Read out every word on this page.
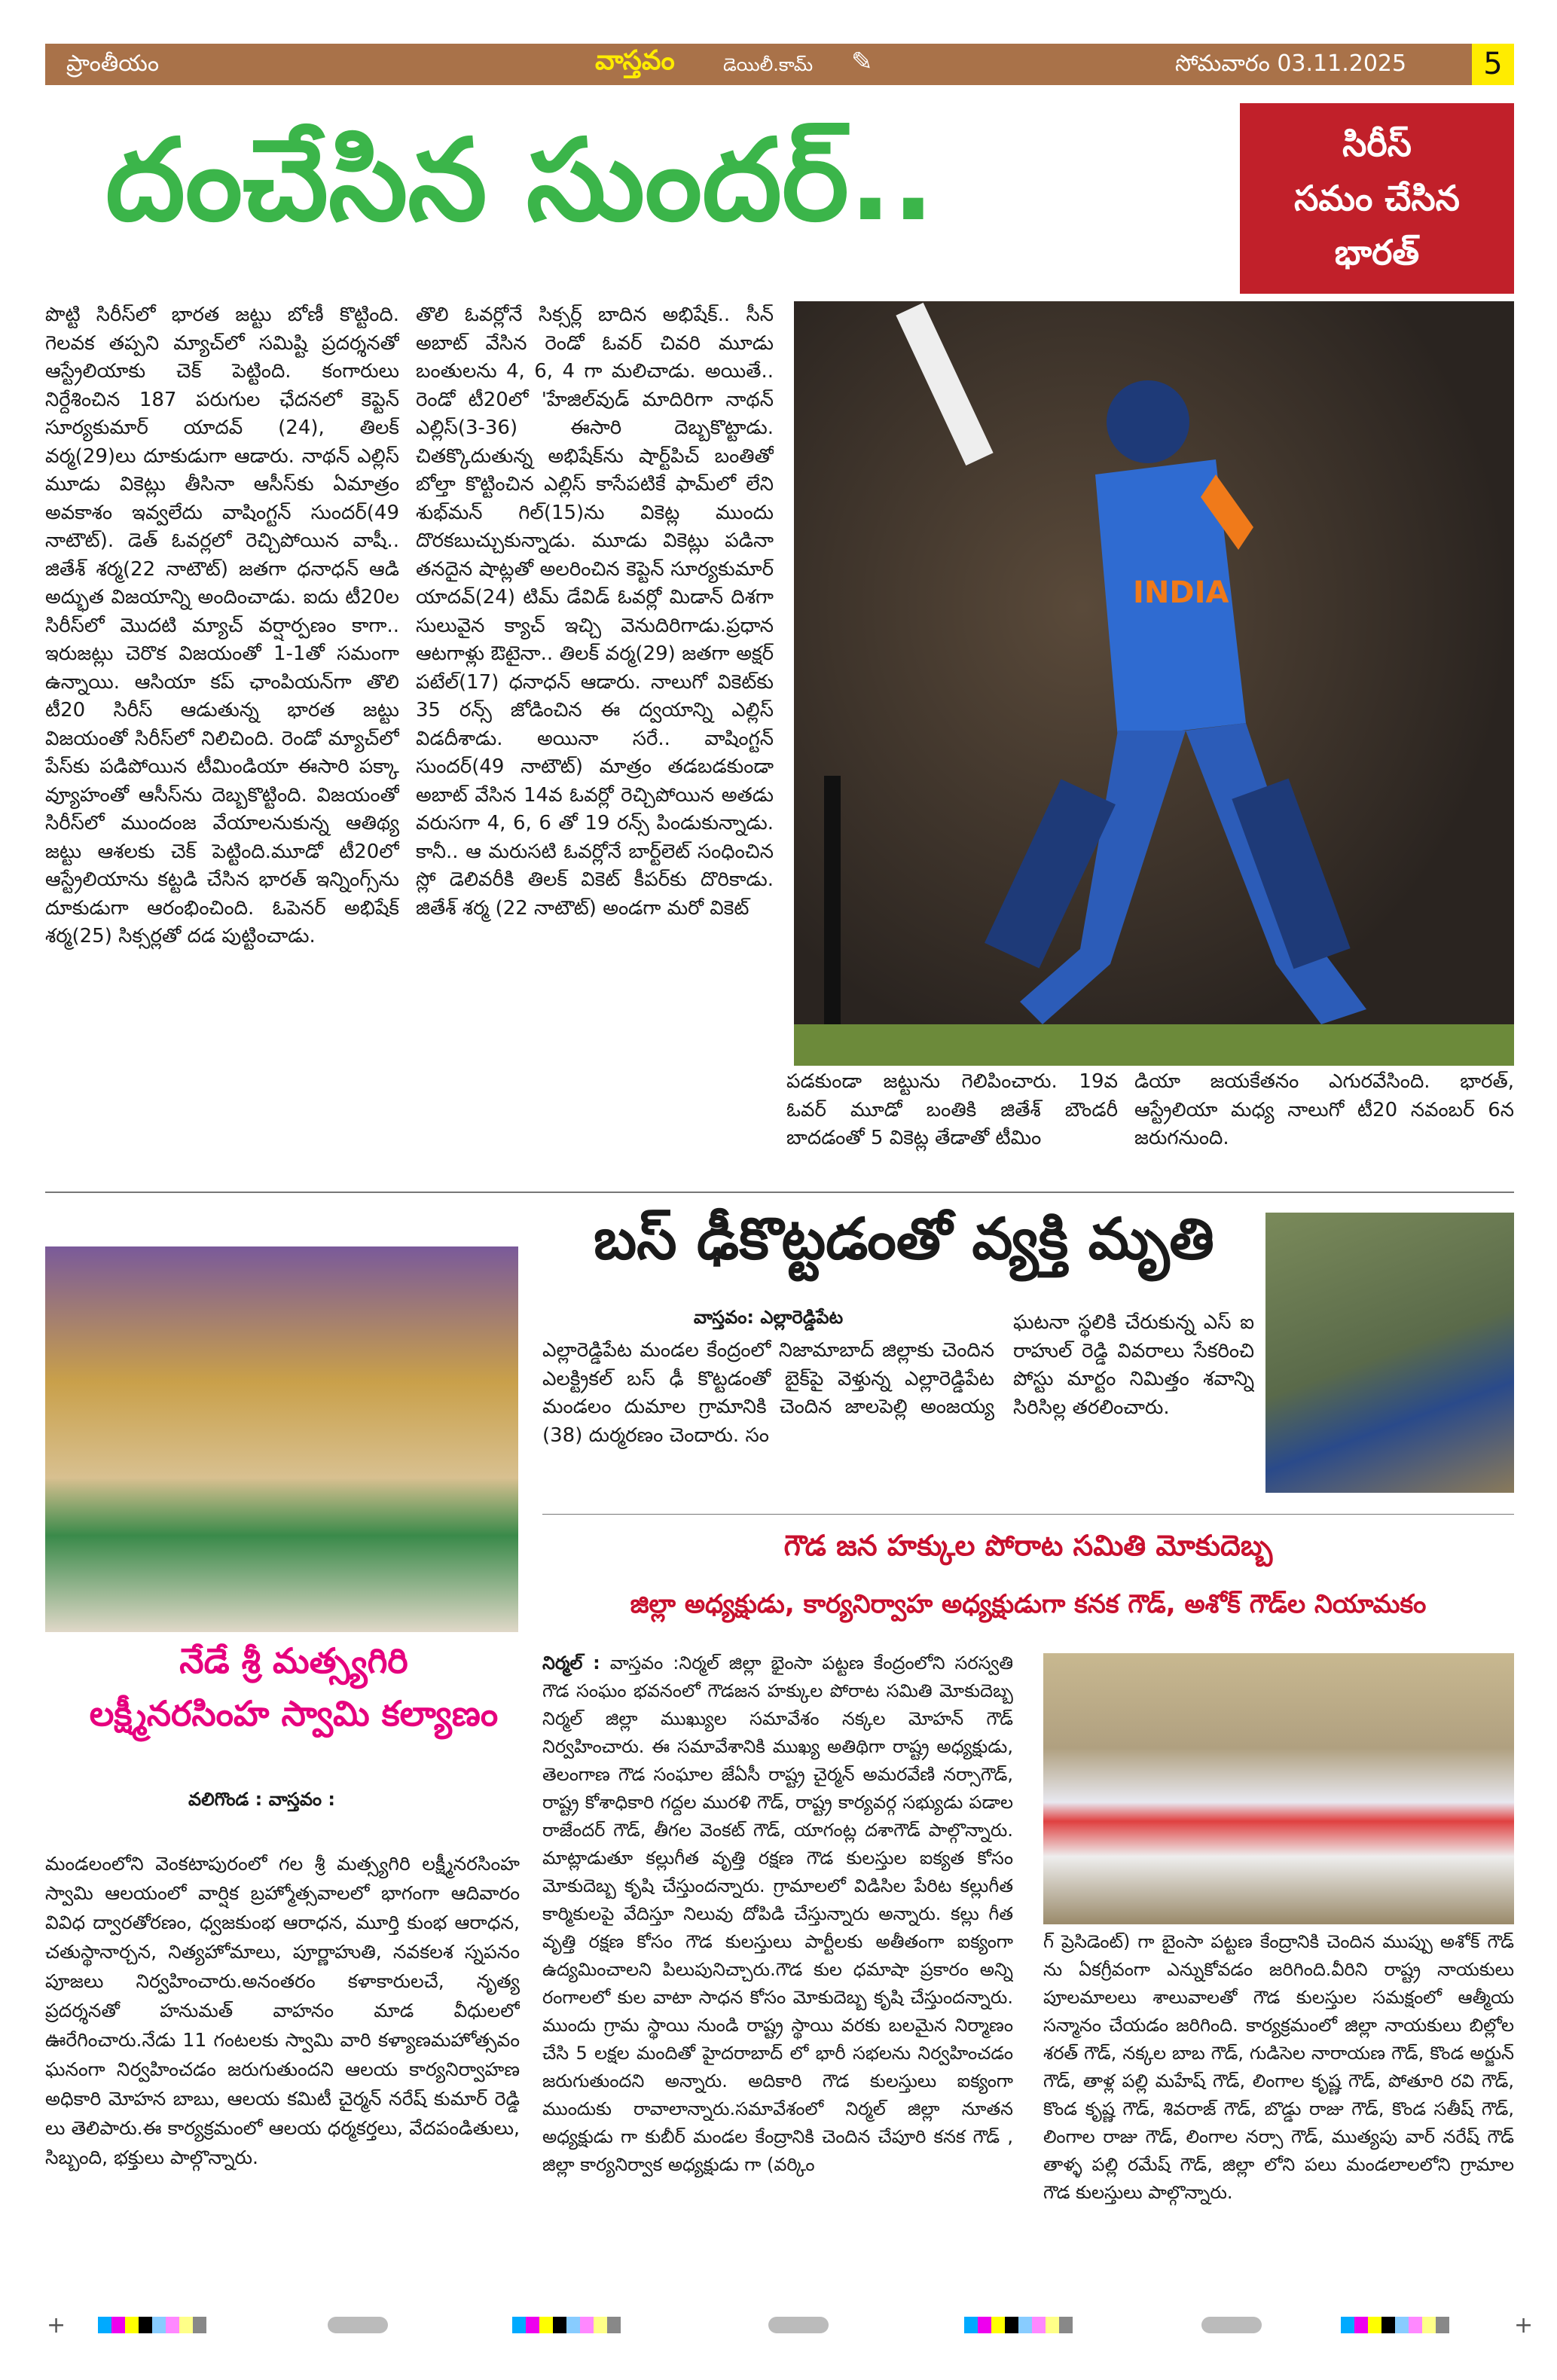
ప్రాంతీయం	వాస్తవం	డెయిలీ.కామ్ ✎	సోమవారం 03.11.2025	5
దంచేసిన సుందర్..	సిరీస్
సమం చేసిన
భారత్
పొట్టి సిరీస్‌లో భారత జట్టు బోణీ కొట్టింది. గెలవక తప్పని మ్యాచ్‌లో సమిష్టి ప్రదర్శనతో ఆస్ట్రేలియాకు చెక్ పెట్టింది. కంగారులు నిర్దేశించిన 187 పరుగుల ఛేదనలో కెప్టెన్ సూర్యకుమార్ యాదవ్ (24), తిలక్ వర్మ(29)లు దూకుడుగా ఆడారు. నాథన్ ఎల్లిస్ మూడు వికెట్లు తీసినా ఆసీస్‌కు ఏమాత్రం అవకాశం ఇవ్వలేదు వాషింగ్టన్ సుందర్(49 నాటౌట్). డెత్ ఓవర్లలో రెచ్చిపోయిన వాషీ.. జితేశ్ శర్మ(22 నాటౌట్) జతగా ధనాధన్ ఆడి అద్భుత విజయాన్ని అందించాడు. ఐదు టీ20ల సిరీస్‌లో మొదటి మ్యాచ్ వర్షార్పణం కాగా.. ఇరుజట్లు చెరొక విజయంతో 1-1తో సమంగా ఉన్నాయి. ఆసియా కప్ ఛాంపియన్‌గా తొలి టీ20 సిరీస్ ఆడుతున్న భారత జట్టు విజయంతో సిరీస్‌లో నిలిచింది. రెండో మ్యాచ్‌లో పేస్‌కు పడిపోయిన టీమిండియా ఈసారి పక్కా వ్యూహంతో ఆసీస్‌ను దెబ్బకొట్టింది. విజయంతో సిరీస్‌లో ముందంజ వేయాలనుకున్న ఆతిథ్య జట్టు ఆశలకు చెక్ పెట్టింది.మూడో టీ20లో ఆస్ట్రేలియాను కట్టడి చేసిన భారత్ ఇన్నింగ్స్‌ను దూకుడుగా ఆరంభించింది. ఓపెనర్ అభిషేక్ శర్మ(25) సిక్సర్లతో దడ పుట్టించాడు.
తొలి ఓవర్లోనే సిక్సర్ల్ బాదిన అభిషేక్.. సీన్ అబాట్ వేసిన రెండో ఓవర్ చివరి మూడు బంతులను 4, 6, 4 గా మలిచాడు. అయితే.. రెండో టీ20లో 'హేజిల్‌వుడ్ మాదిరిగా నాథన్ ఎల్లిస్(3-36) ఈసారి దెబ్బకొట్టాడు. చితక్కొదుతున్న అభిషేక్‌ను షార్ట్‌పిచ్ బంతితో బోల్తా కొట్టించిన ఎల్లిస్ కాసేపటికే ఫామ్‌లో లేని శుభ్‌మన్ గిల్(15)ను వికెట్ల ముందు దొరకబుచ్చుకున్నాడు. మూడు వికెట్లు పడినా తనదైన షాట్లతో అలరించిన కెప్టెన్ సూర్యకుమార్ యాదవ్(24) టిమ్ డేవిడ్ ఓవర్లో మిడాన్ దిశగా సులువైన క్యాచ్ ఇచ్చి వెనుదిరిగాడు.ప్రధాన ఆటగాళ్లు ఔటైనా.. తిలక్ వర్మ(29) జతగా అక్షర్ పటేల్(17) ధనాధన్ ఆడారు. నాలుగో వికెట్‌కు 35 రన్స్ జోడించిన ఈ ద్వయాన్ని ఎల్లిస్ విడదీశాడు. అయినా సరే.. వాషింగ్టన్ సుందర్(49 నాటౌట్) మాత్రం తడబడకుండా అబాట్ వేసిన 14వ ఓవర్లో రెచ్చిపోయిన అతడు వరుసగా 4, 6, 6 తో 19 రన్స్ పిండుకున్నాడు. కానీ.. ఆ మరుసటి ఓవర్లోనే బార్ట్‌లెట్ సంధించిన స్లో డెలివరీకి తిలక్ వికెట్ కీపర్‌కు దొరికాడు. జితేశ్ శర్మ (22 నాటౌట్) అండగా మరో వికెట్
INDIA
పడకుండా జట్టును గెలిపించారు. 19వ ఓవర్ మూడో బంతికి జితేశ్ బౌండరీ బాదడంతో 5 వికెట్ల తేడాతో టీమిం
డియా జయకేతనం ఎగురవేసింది. భారత్, ఆస్ట్రేలియా మధ్య నాలుగో టీ20 నవంబర్ 6న జరుగనుంది.
నేడే శ్రీ మత్స్యగిరి
లక్ష్మీనరసింహ స్వామి కల్యాణం
వలిగొండ : వాస్తవం :
మండలంలోని వెంకటాపురంలో గల శ్రీ మత్స్యగిరి లక్ష్మీనరసింహ స్వామి ఆలయంలో వార్షిక బ్రహ్మోత్సవాలలో భాగంగా ఆదివారం వివిధ ద్వారతోరణం, ధ్వజకుంభ ఆరాధన, మూర్తి కుంభ ఆరాధన, చతుస్థానార్చన, నిత్యహోమాలు, పూర్ణాహుతి, నవకలశ స్నపనం పూజలు నిర్వహించారు.అనంతరం కళాకారులచే, నృత్య ప్రదర్శనతో హనుమత్ వాహనం మాడ వీధులలో ఊరేగించారు.నేడు 11 గంటలకు స్వామి వారి కళ్యాణమహోత్సవం ఘనంగా నిర్వహించడం జరుగుతుందని ఆలయ కార్యనిర్వాహణ అధికారి మోహన బాబు, ఆలయ కమిటీ చైర్మన్ నరేష్ కుమార్ రెడ్డి లు తెలిపారు.ఈ కార్యక్రమంలో ఆలయ ధర్మకర్తలు, వేదపండితులు, సిబ్బంది, భక్తులు పాల్గొన్నారు.
బస్ ఢీకొట్టడంతో వ్యక్తి మృతి
వాస్తవం: ఎల్లారెడ్డిపేట
ఎల్లారెడ్డిపేట మండల కేంద్రంలో నిజామాబాద్ జిల్లాకు చెందిన ఎలక్ట్రికల్ బస్ ఢీ కొట్టడంతో బైక్‌పై వెళ్తున్న ఎల్లారెడ్డిపేట మండలం దుమాల గ్రామానికి చెందిన జాలపెల్లి అంజయ్య (38) దుర్మరణం చెందారు. సం
ఘటనా స్థలికి చేరుకున్న ఎస్ ఐ రాహుల్ రెడ్డి వివరాలు సేకరించి పోస్టు మార్టం నిమిత్తం శవాన్ని సిరిసిల్ల తరలించారు.
గౌడ జన హక్కుల పోరాట సమితి మోకుదెబ్బ
జిల్లా అధ్యక్షుడు, కార్యనిర్వాహ అధ్యక్షుడుగా కనక గౌడ్, అశోక్ గౌడ్‌ల నియామకం
నిర్మల్ : వాస్తవం :నిర్మల్ జిల్లా భైంసా పట్టణ కేంద్రంలోని సరస్వతి గౌడ సంఘం భవనంలో గౌడజన హక్కుల పోరాట సమితి మోకుదెబ్బ నిర్మల్ జిల్లా ముఖ్యుల సమావేశం నక్కల మోహన్ గౌడ్ నిర్వహించారు. ఈ సమావేశానికి ముఖ్య అతిథిగా రాష్ట్ర అధ్యక్షుడు, తెలంగాణ గౌడ సంఘాల జేఏసీ రాష్ట్ర చైర్మన్ అమరవేణి నర్సాగౌడ్, రాష్ట్ర కోశాధికారి గద్దల మురళి గౌడ్, రాష్ట్ర కార్యవర్గ సభ్యుడు పడాల రాజేందర్ గౌడ్, తీగల వెంకట్ గౌడ్, యాగంట్ల దశాగౌడ్ పాల్గొన్నారు. మాట్లాడుతూ కల్లుగీత వృత్తి రక్షణ గౌడ కులస్తుల ఐక్యత కోసం మోకుదెబ్బ కృషి చేస్తుందన్నారు. గ్రామాలలో విడిసిల పేరిట కల్లుగీత కార్మికులపై వేదిస్తూ నిలువు దోపిడి చేస్తున్నారు అన్నారు. కల్లు గీత వృత్తి రక్షణ కోసం గౌడ కులస్తులు పార్టీలకు అతీతంగా ఐక్యంగా ఉద్యమించాలని పిలుపునిచ్చారు.గౌడ కుల ధమాషా ప్రకారం అన్ని రంగాలలో కుల వాటా సాధన కోసం మోకుదెబ్బ కృషి చేస్తుందన్నారు. ముందు గ్రామ స్థాయి నుండి రాష్ట్ర స్థాయి వరకు బలమైన నిర్మాణం చేసి 5 లక్షల మందితో హైదరాబాద్ లో భారీ సభలను నిర్వహించడం జరుగుతుందని అన్నారు. అదికారి గౌడ కులస్తులు ఐక్యంగా ముందుకు రావాలాన్నారు.సమావేశంలో నిర్మల్ జిల్లా నూతన అధ్యక్షుడు గా కుబీర్ మండల కేంద్రానికి చెందిన చేపూరి కనక గౌడ్ , జిల్లా కార్యనిర్వాక అధ్యక్షుడు గా (వర్కిం
గ్ ప్రెసిడెంట్) గా బైంసా పట్టణ కేంద్రానికి చెందిన ముప్పు అశోక్ గౌడ్ ను ఏకగ్రీవంగా ఎన్నుకోవడం జరిగింది.వీరిని రాష్ట్ర నాయకులు పూలమాలలు శాలువాలతో గౌడ కులస్తుల సమక్షంలో ఆత్మీయ సన్మానం చేయడం జరిగింది. కార్యక్రమంలో జిల్లా నాయకులు బిల్లోల శరత్ గౌడ్, నక్కల బాబ గౌడ్, గుడిసెల నారాయణ గౌడ్, కొండ అర్జున్ గౌడ్, తాళ్ల పల్లి మహేష్ గౌడ్, లింగాల కృష్ణ గౌడ్, పోతూరి రవి గౌడ్, కొండ కృష్ణ గౌడ్, శివరాజ్ గౌడ్, బొడ్డు రాజు గౌడ్, కొండ సతీష్ గౌడ్, లింగాల రాజు గౌడ్, లింగాల నర్సా గౌడ్, ముత్యపు వార్ నరేష్ గౌడ్ తాళ్ళ పల్లి రమేష్ గౌడ్, జిల్లా లోని పలు మండలాలలోని గ్రామాల గౌడ కులస్తులు పాల్గొన్నారు.
+	+
